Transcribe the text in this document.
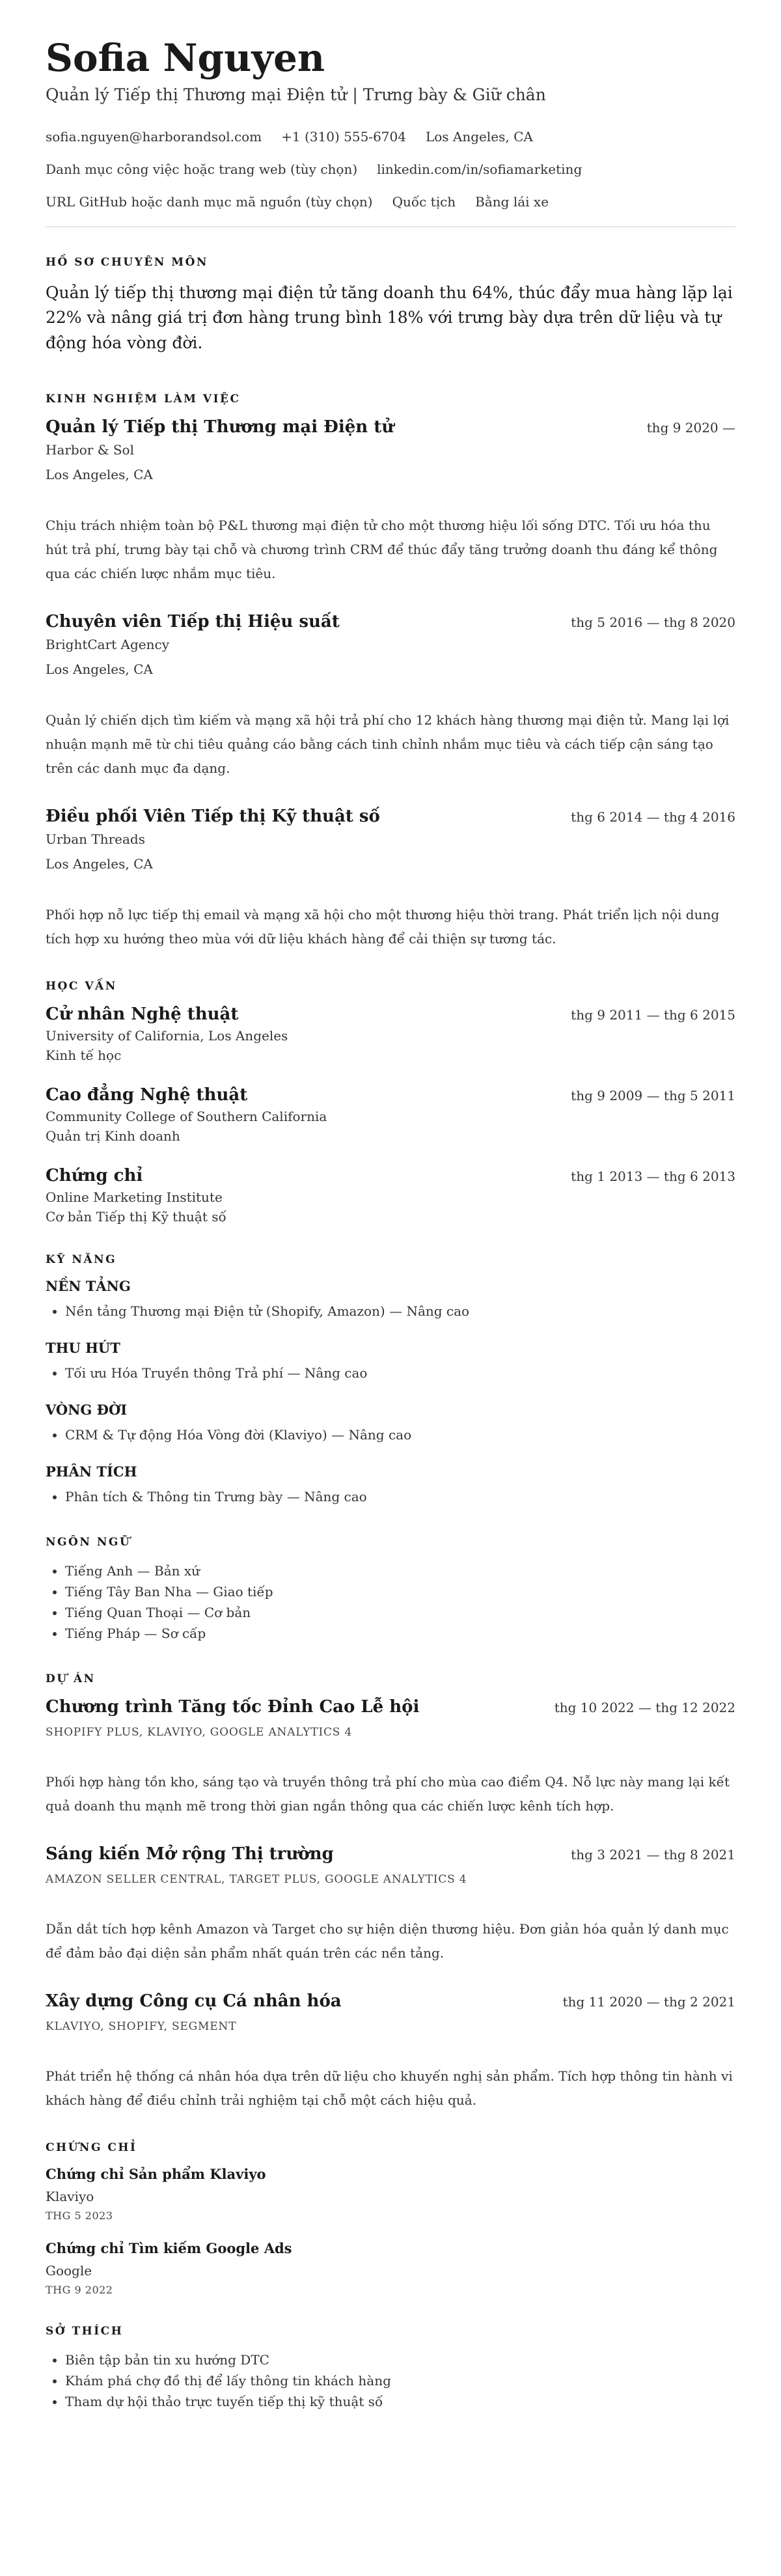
Sofia Nguyen
Quản lý Tiếp thị Thương mại Điện tử | Trưng bày & Giữ chân
sofia.nguyen@harborandsol.com +1 (310) 555-6704 Los Angeles, CA
Danh mục công việc hoặc trang web (tùy chọn) linkedin.com/in/sofiamarketing
URL GitHub hoặc danh mục mã nguồn (tùy chọn) Quốc tịch Bằng lái xe
HỒ SƠ CHUYÊN MÔN

Quản lý tiếp thị thương mại điện tử tăng doanh thu 64%, thúc đẩy mua hàng lặp lại 22% và nâng giá trị đơn hàng trung bình 18% với trưng bày dựa trên dữ liệu và tự động hóa vòng đời.

KINH NGHIỆM LÀM VIỆC
Quản lý Tiếp thị Thương mại Điện tử	thg 9 2020 —
Harbor & Sol
Los Angeles, CA
Chịu trách nhiệm toàn bộ P&L thương mại điện tử cho một thương hiệu lối sống DTC. Tối ưu hóa thu hút trả phí, trưng bày tại chỗ và chương trình CRM để thúc đẩy tăng trưởng doanh thu đáng kể thông qua các chiến lược nhắm mục tiêu.
Chuyên viên Tiếp thị Hiệu suất	thg 5 2016 — thg 8 2020
BrightCart Agency
Los Angeles, CA
Quản lý chiến dịch tìm kiếm và mạng xã hội trả phí cho 12 khách hàng thương mại điện tử. Mang lại lợi nhuận mạnh mẽ từ chi tiêu quảng cáo bằng cách tinh chỉnh nhắm mục tiêu và cách tiếp cận sáng tạo trên các danh mục đa dạng.
Điều phối Viên Tiếp thị Kỹ thuật số	thg 6 2014 — thg 4 2016
Urban Threads
Los Angeles, CA
Phối hợp nỗ lực tiếp thị email và mạng xã hội cho một thương hiệu thời trang. Phát triển lịch nội dung tích hợp xu hướng theo mùa với dữ liệu khách hàng để cải thiện sự tương tác.
HỌC VẤN
Cử nhân Nghệ thuật	thg 9 2011 — thg 6 2015
University of California, Los Angeles
Kinh tế học
Cao đẳng Nghệ thuật	thg 9 2009 — thg 5 2011
Community College of Southern California
Quản trị Kinh doanh
Chứng chỉ	thg 1 2013 — thg 6 2013
Online Marketing Institute
Cơ bản Tiếp thị Kỹ thuật số
KỸ NĂNG
NỀN TẢNG
• Nền tảng Thương mại Điện tử (Shopify, Amazon) — Nâng cao
THU HÚT
• Tối ưu Hóa Truyền thông Trả phí — Nâng cao
VÒNG ĐỜI
• CRM & Tự động Hóa Vòng đời (Klaviyo) — Nâng cao
PHÂN TÍCH
• Phân tích & Thông tin Trưng bày — Nâng cao
NGÔN NGỮ
• Tiếng Anh — Bản xứ
• Tiếng Tây Ban Nha — Giao tiếp
• Tiếng Quan Thoại — Cơ bản
• Tiếng Pháp — Sơ cấp
DỰ ÁN
Chương trình Tăng tốc Đỉnh Cao Lễ hội	thg 10 2022 — thg 12 2022
SHOPIFY PLUS, KLAVIYO, GOOGLE ANALYTICS 4
Phối hợp hàng tồn kho, sáng tạo và truyền thông trả phí cho mùa cao điểm Q4. Nỗ lực này mang lại kết quả doanh thu mạnh mẽ trong thời gian ngắn thông qua các chiến lược kênh tích hợp.
Sáng kiến Mở rộng Thị trường	thg 3 2021 — thg 8 2021
AMAZON SELLER CENTRAL, TARGET PLUS, GOOGLE ANALYTICS 4
Dẫn dắt tích hợp kênh Amazon và Target cho sự hiện diện thương hiệu. Đơn giản hóa quản lý danh mục để đảm bảo đại diện sản phẩm nhất quán trên các nền tảng.
Xây dựng Công cụ Cá nhân hóa	thg 11 2020 — thg 2 2021
KLAVIYO, SHOPIFY, SEGMENT
Phát triển hệ thống cá nhân hóa dựa trên dữ liệu cho khuyến nghị sản phẩm. Tích hợp thông tin hành vi khách hàng để điều chỉnh trải nghiệm tại chỗ một cách hiệu quả.
CHỨNG CHỈ
Chứng chỉ Sản phẩm Klaviyo
Klaviyo
THG 5 2023
Chứng chỉ Tìm kiếm Google Ads
Google
THG 9 2022
SỞ THÍCH
• Biên tập bản tin xu hướng DTC
• Khám phá chợ đồ thị để lấy thông tin khách hàng
• Tham dự hội thảo trực tuyến tiếp thị kỹ thuật số
